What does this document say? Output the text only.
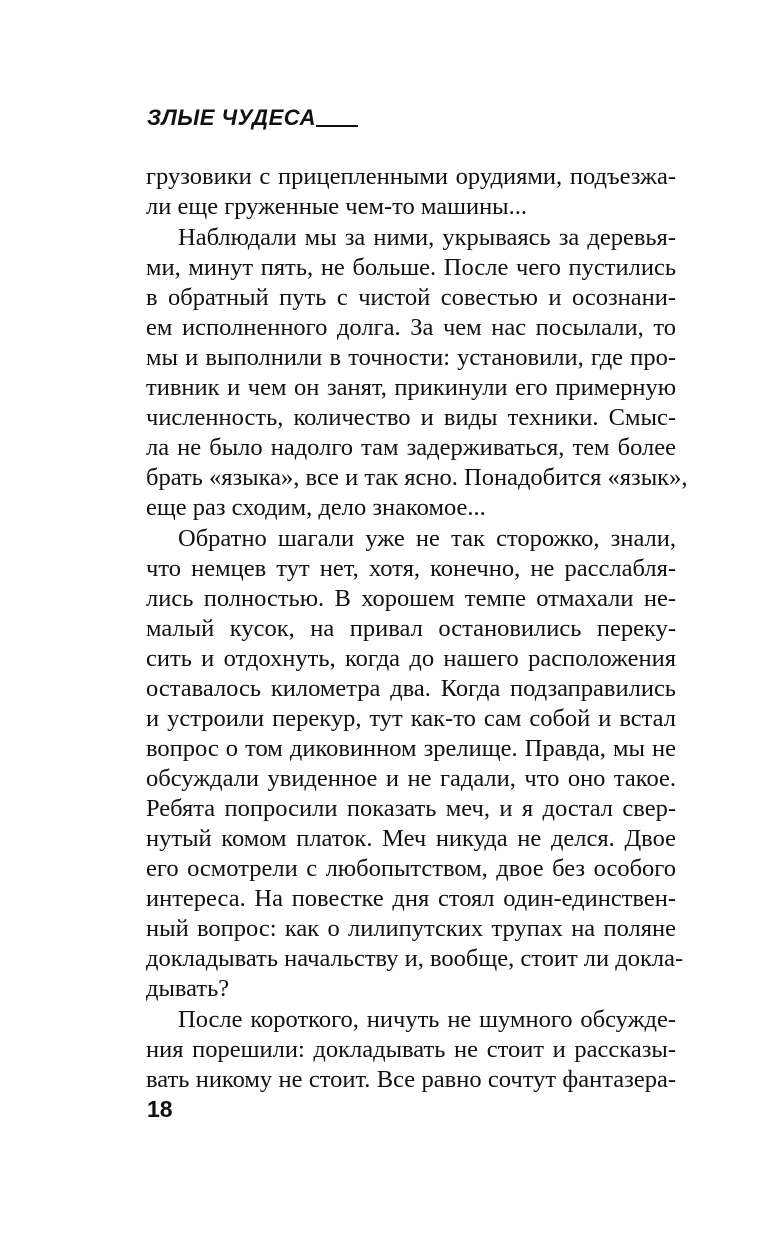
ЗЛЫЕ ЧУДЕСА
грузовики с прицепленными орудиями, подъезжа-
ли еще груженные чем-то машины...
Наблюдали мы за ними, укрываясь за деревья-
ми, минут пять, не больше. После чего пустились
в обратный путь с чистой совестью и осознани-
ем исполненного долга. За чем нас посылали, то
мы и выполнили в точности: установили, где про-
тивник и чем он занят, прикинули его примерную
численность, количество и виды техники. Смыс-
ла не было надолго там задерживаться, тем более
брать «языка», все и так ясно. Понадобится «язык»,
еще раз сходим, дело знакомое...
Обратно шагали уже не так сторожко, знали,
что немцев тут нет, хотя, конечно, не расслабля-
лись полностью. В хорошем темпе отмахали не-
малый кусок, на привал остановились переку-
сить и отдохнуть, когда до нашего расположения
оставалось километра два. Когда подзаправились
и устроили перекур, тут как-то сам собой и встал
вопрос о том диковинном зрелище. Правда, мы не
обсуждали увиденное и не гадали, что оно такое.
Ребята попросили показать меч, и я достал свер-
нутый комом платок. Меч никуда не делся. Двое
его осмотрели с любопытством, двое без особого
интереса. На повестке дня стоял один-единствен-
ный вопрос: как о лилипутских трупах на поляне
докладывать начальству и, вообще, стоит ли докла-
дывать?
После короткого, ничуть не шумного обсужде-
ния порешили: докладывать не стоит и рассказы-
вать никому не стоит. Все равно сочтут фантазера-
18
